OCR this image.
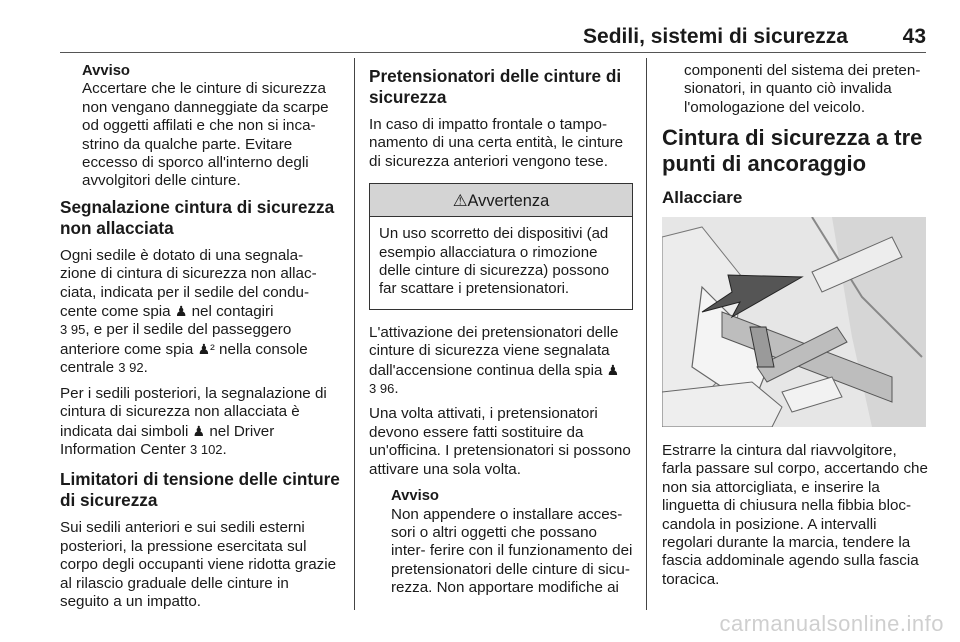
Sedili, sistemi di sicurezza	43
Avviso
Accertare che le cinture di sicurezza non vengano danneggiate da scarpe od oggetti affilati e che non si inca- strino da qualche parte. Evitare eccesso di sporco all'interno degli avvolgitori delle cinture.
Segnalazione cintura di sicurezza non allacciata

Ogni sedile è dotato di una segnala- zione di cintura di sicurezza non allac- ciata, indicata per il sedile del condu- cente come spia ♟ nel contagiri
3 95, e per il sedile del passeggero anteriore come spia ♟² nella console centrale 3 92.

Per i sedili posteriori, la segnalazione di cintura di sicurezza non allacciata è indicata dai simboli ♟ nel Driver Information Center 3 102.

Limitatori di tensione delle cinture di sicurezza

Sui sedili anteriori e sui sedili esterni posteriori, la pressione esercitata sul corpo degli occupanti viene ridotta grazie al rilascio graduale delle cinture in seguito a un impatto.

Pretensionatori delle cinture di sicurezza

In caso di impatto frontale o tampo- namento di una certa entità, le cinture di sicurezza anteriori vengono tese.

⚠Avvertenza
Un uso scorretto dei dispositivi (ad esempio allacciatura o rimozione delle cinture di sicurezza) possono far scattare i pretensionatori.

L'attivazione dei pretensionatori delle cinture di sicurezza viene segnalata dall'accensione continua della spia ♟
3 96.

Una volta attivati, i pretensionatori devono essere fatti sostituire da un'officina. I pretensionatori si possono attivare una sola volta.

Avviso
Non appendere o installare acces- sori o altri oggetti che possano inter- ferire con il funzionamento dei pretensionatori delle cinture di sicu- rezza. Non apportare modifiche ai
componenti del sistema dei preten- sionatori, in quanto ciò invalida l'omologazione del veicolo.
Cintura di sicurezza a tre punti di ancoraggio
Allacciare

Estrarre la cintura dal riavvolgitore, farla passare sul corpo, accertando che non sia attorcigliata, e inserire la linguetta di chiusura nella fibbia bloc- candola in posizione. A intervalli regolari durante la marcia, tendere la fascia addominale agendo sulla fascia toracica.

carmanualsonline.info
